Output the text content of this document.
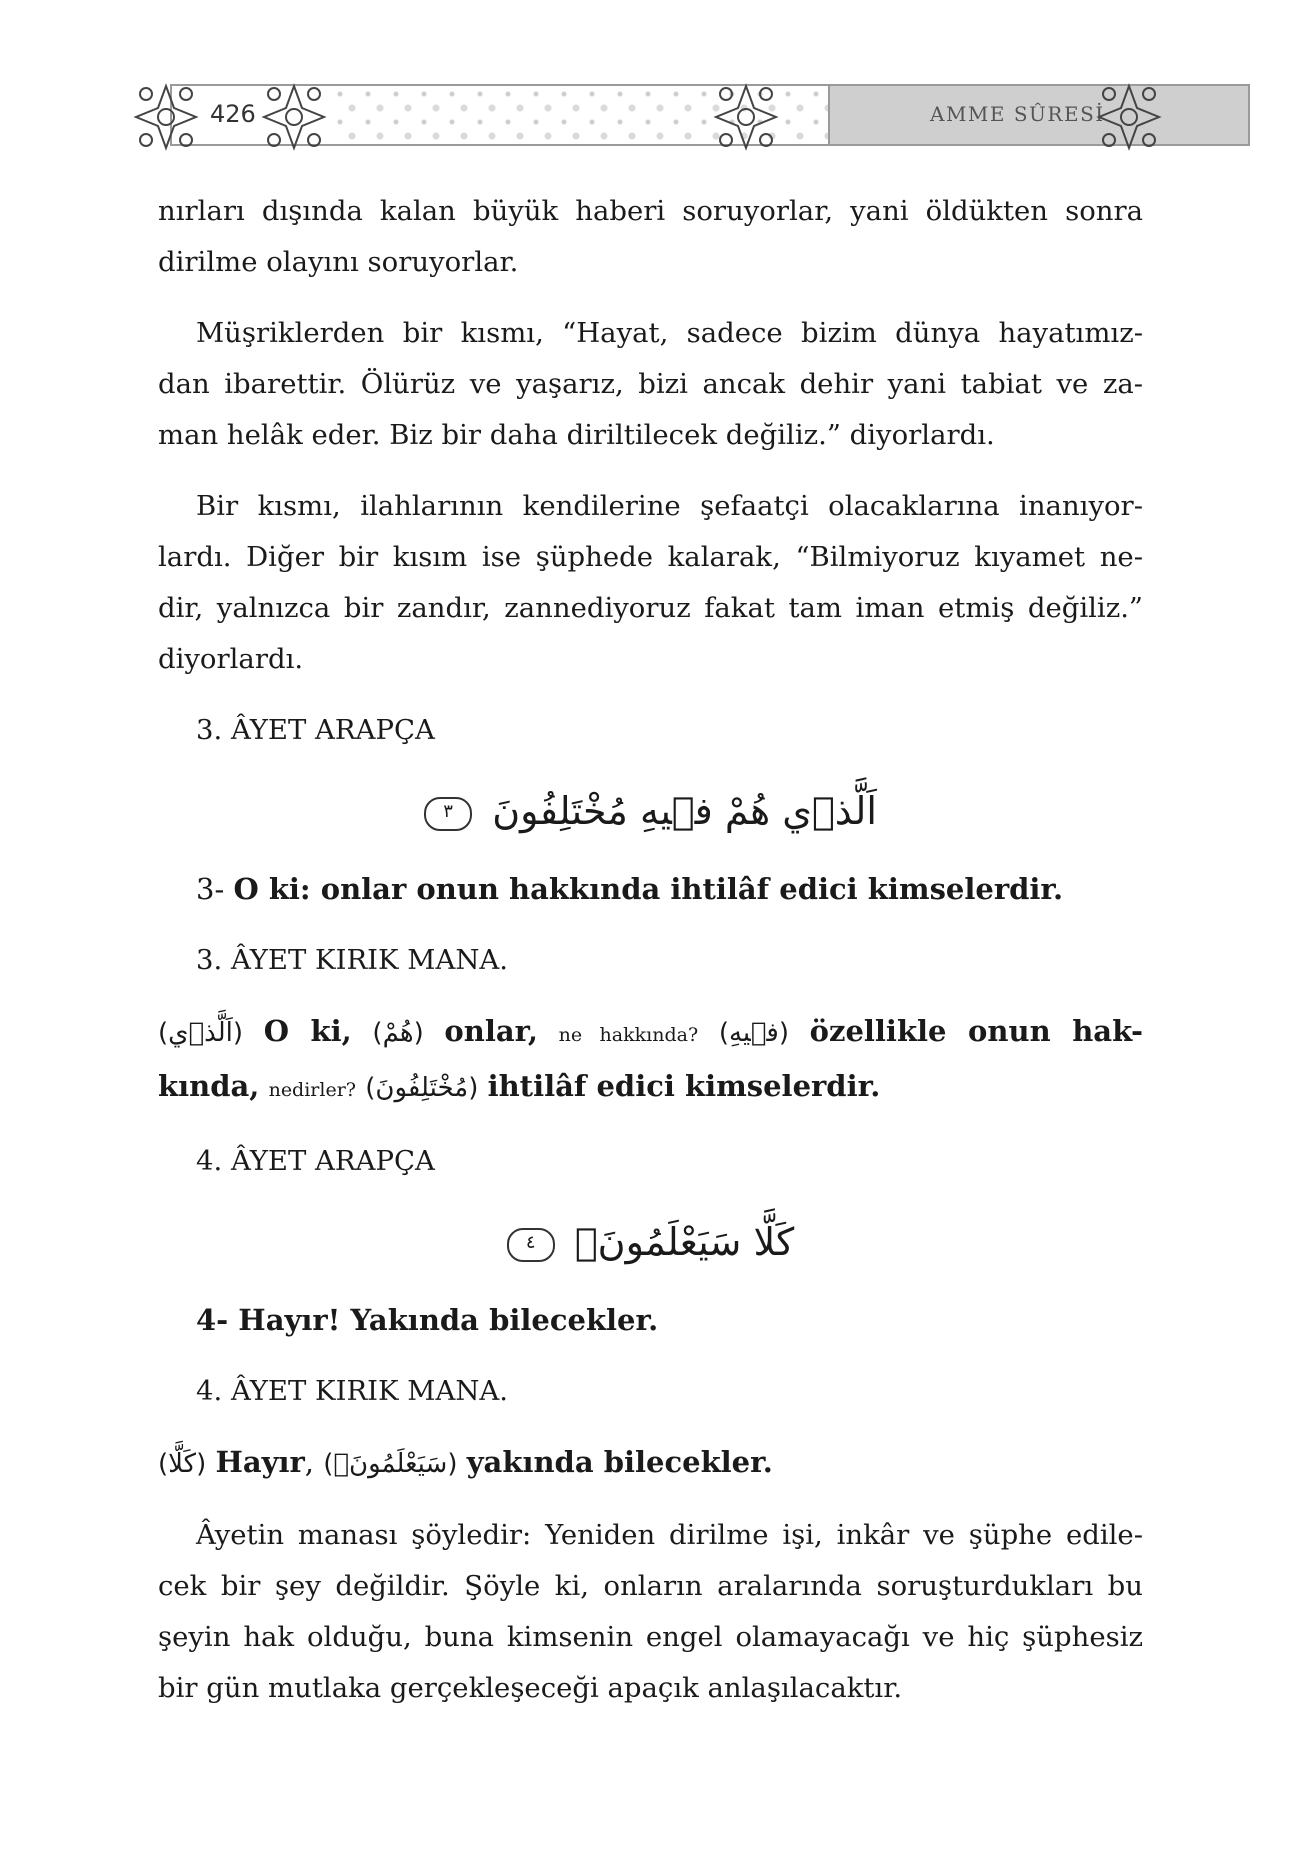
426	AMME SÛRESİ
nırları dışında kalan büyük haberi soruyorlar, yani öldükten sonra
dirilme olayını soruyorlar.
Müşriklerden bir kısmı, “Hayat, sadece bizim dünya hayatımız-
dan ibarettir. Ölürüz ve yaşarız, bizi ancak dehir yani tabiat ve za-
man helâk eder. Biz bir daha diriltilecek değiliz.” diyorlardı.
Bir kısmı, ilahlarının kendilerine şefaatçi olacaklarına inanıyor-
lardı. Diğer bir kısım ise şüphede kalarak, “Bilmiyoruz kıyamet ne-
dir, yalnızca bir zandır, zannediyoruz fakat tam iman etmiş değiliz.”
diyorlardı.
3. ÂYET ARAPÇA
اَلَّذ۪ي هُمْ ف۪يهِ مُخْتَلِفُونَ ٣
3- O ki: onlar onun hakkında ihtilâf edici kimselerdir.
3. ÂYET KIRIK MANA.
(اَلَّذ۪ي) O ki, (هُمْ) onlar, ne hakkında? (ف۪يهِ) özellikle onun hak-
kında, nedirler? (مُخْتَلِفُونَ) ihtilâf edici kimselerdir.
4. ÂYET ARAPÇA
كَلَّا سَيَعْلَمُونَۙ ٤
4- Hayır! Yakında bilecekler.
4. ÂYET KIRIK MANA.
(كَلَّا) Hayır, (سَيَعْلَمُونَۙ) yakında bilecekler.
Âyetin manası şöyledir: Yeniden dirilme işi, inkâr ve şüphe edile-
cek bir şey değildir. Şöyle ki, onların aralarında soruşturdukları bu
şeyin hak olduğu, buna kimsenin engel olamayacağı ve hiç şüphesiz
bir gün mutlaka gerçekleşeceği apaçık anlaşılacaktır.
